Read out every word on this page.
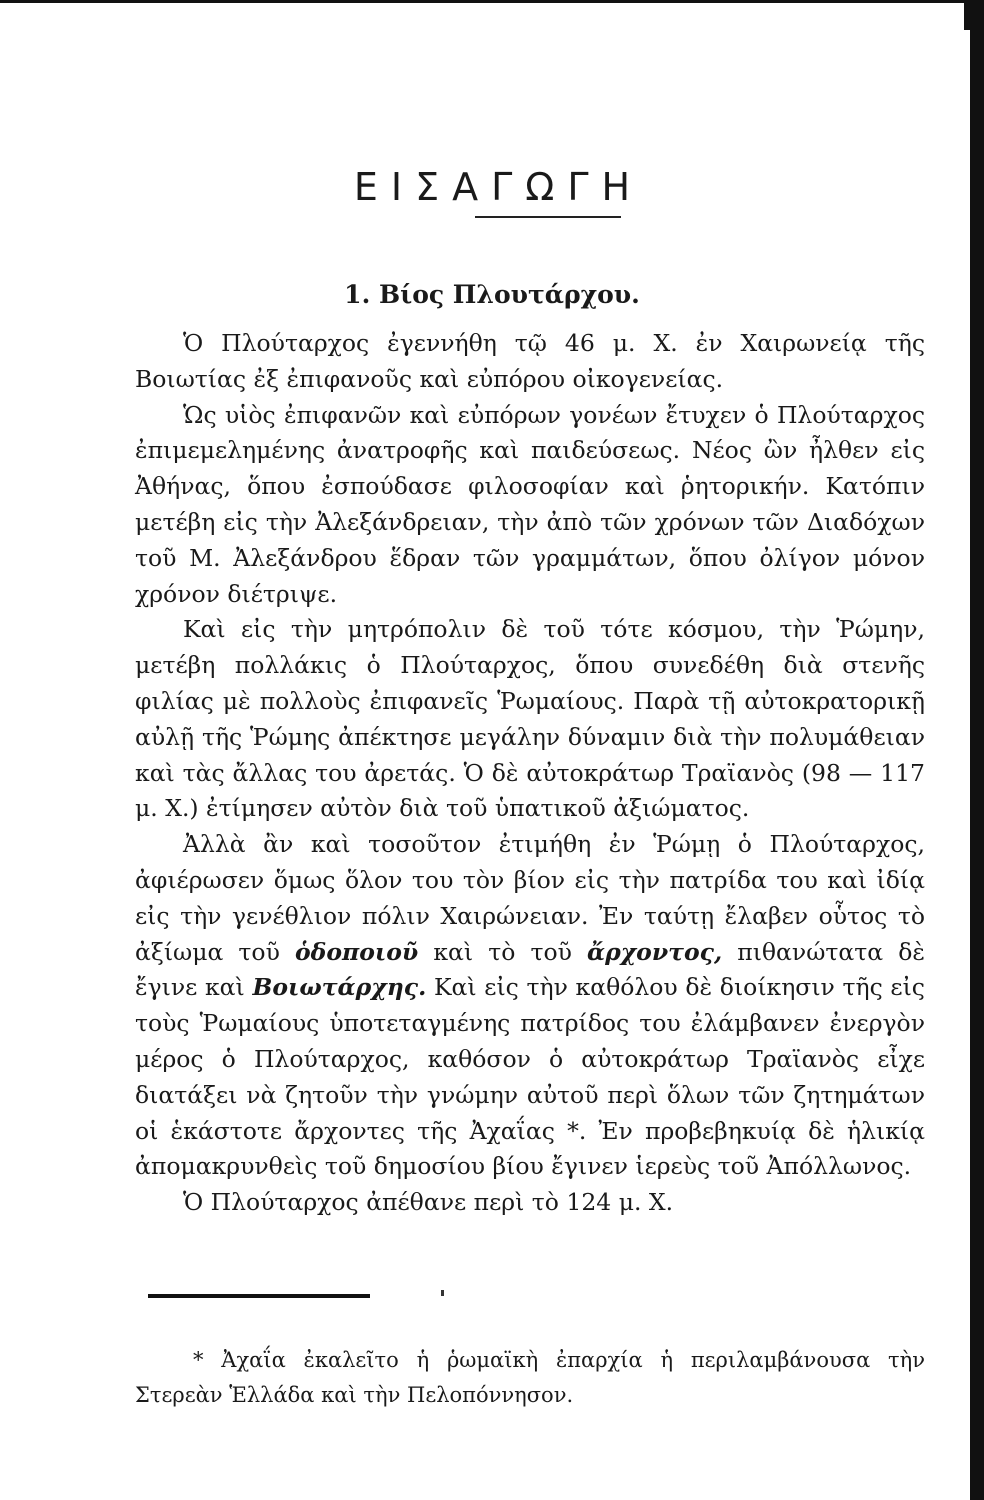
ΕΙΣΑΓΩΓΗ
1. Βίος Πλουτάρχου.

Ὁ Πλούταρχος ἐγεννήθη τῷ 46 μ. Χ. ἐν Χαιρωνείᾳ τῆς Βοιωτίας ἐξ ἐπιφανοῦς καὶ εὐπόρου οἰκογενείας.

Ὡς υἱὸς ἐπιφανῶν καὶ εὐπόρων γονέων ἔτυχεν ὁ Πλούταρχος ἐπιμεμελημένης ἀνατροφῆς καὶ παιδεύσεως. Νέος ὢν ἦλθεν εἰς Ἀθήνας, ὅπου ἐσπούδασε φιλοσοφίαν καὶ ῥητορικήν. Κατόπιν μετέβη εἰς τὴν Ἀλεξάνδρειαν, τὴν ἀπὸ τῶν χρόνων τῶν Διαδόχων τοῦ Μ. Ἀλεξάνδρου ἕδραν τῶν γραμμάτων, ὅπου ὀλίγον μόνον χρόνον διέτριψε.

Καὶ εἰς τὴν μητρόπολιν δὲ τοῦ τότε κόσμου, τὴν Ῥώμην, μετέβη πολλάκις ὁ Πλούταρχος, ὅπου συνεδέθη διὰ στενῆς φιλίας μὲ πολλοὺς ἐπιφανεῖς Ῥωμαίους. Παρὰ τῇ αὐτοκρατορικῇ αὐλῇ τῆς Ῥώμης ἀπέκτησε μεγάλην δύναμιν διὰ τὴν πολυμάθειαν καὶ τὰς ἄλλας του ἀρετάς. Ὁ δὲ αὐτοκράτωρ Τραϊανὸς (98 — 117 μ. Χ.) ἐτίμησεν αὐτὸν διὰ τοῦ ὑπατικοῦ ἀξιώματος.

Ἀλλὰ ἂν καὶ τοσοῦτον ἐτιμήθη ἐν Ῥώμῃ ὁ Πλούταρχος, ἀφιέρωσεν ὅμως ὅλον του τὸν βίον εἰς τὴν πατρίδα του καὶ ἰδίᾳ εἰς τὴν γενέθλιον πόλιν Χαιρώνειαν. Ἐν ταύτῃ ἔλαβεν οὗτος τὸ ἀξίωμα τοῦ ὁδοποιοῦ καὶ τὸ τοῦ ἄρχοντος, πιθανώτατα δὲ ἔγινε καὶ Βοιωτάρχης. Καὶ εἰς τὴν καθόλου δὲ διοίκησιν τῆς εἰς τοὺς Ῥωμαίους ὑποτεταγμένης πατρίδος του ἐλάμβανεν ἐνεργὸν μέρος ὁ Πλούταρχος, καθόσον ὁ αὐτοκράτωρ Τραϊανὸς εἶχε διατάξει νὰ ζητοῦν τὴν γνώμην αὐτοῦ περὶ ὅλων τῶν ζητημάτων οἱ ἑκάστοτε ἄρχοντες τῆς Ἀχαΐας *. Ἐν προβεβηκυίᾳ δὲ ἡλικίᾳ ἀπομακρυνθεὶς τοῦ δημοσίου βίου ἔγινεν ἱερεὺς τοῦ Ἀπόλλωνος.

Ὁ Πλούταρχος ἀπέθανε περὶ τὸ 124 μ. Χ.

* Ἀχαΐα ἐκαλεῖτο ἡ ῥωμαϊκὴ ἐπαρχία ἡ περιλαμβάνουσα τὴν Στερεὰν Ἑλλάδα καὶ τὴν Πελοπόννησον.
